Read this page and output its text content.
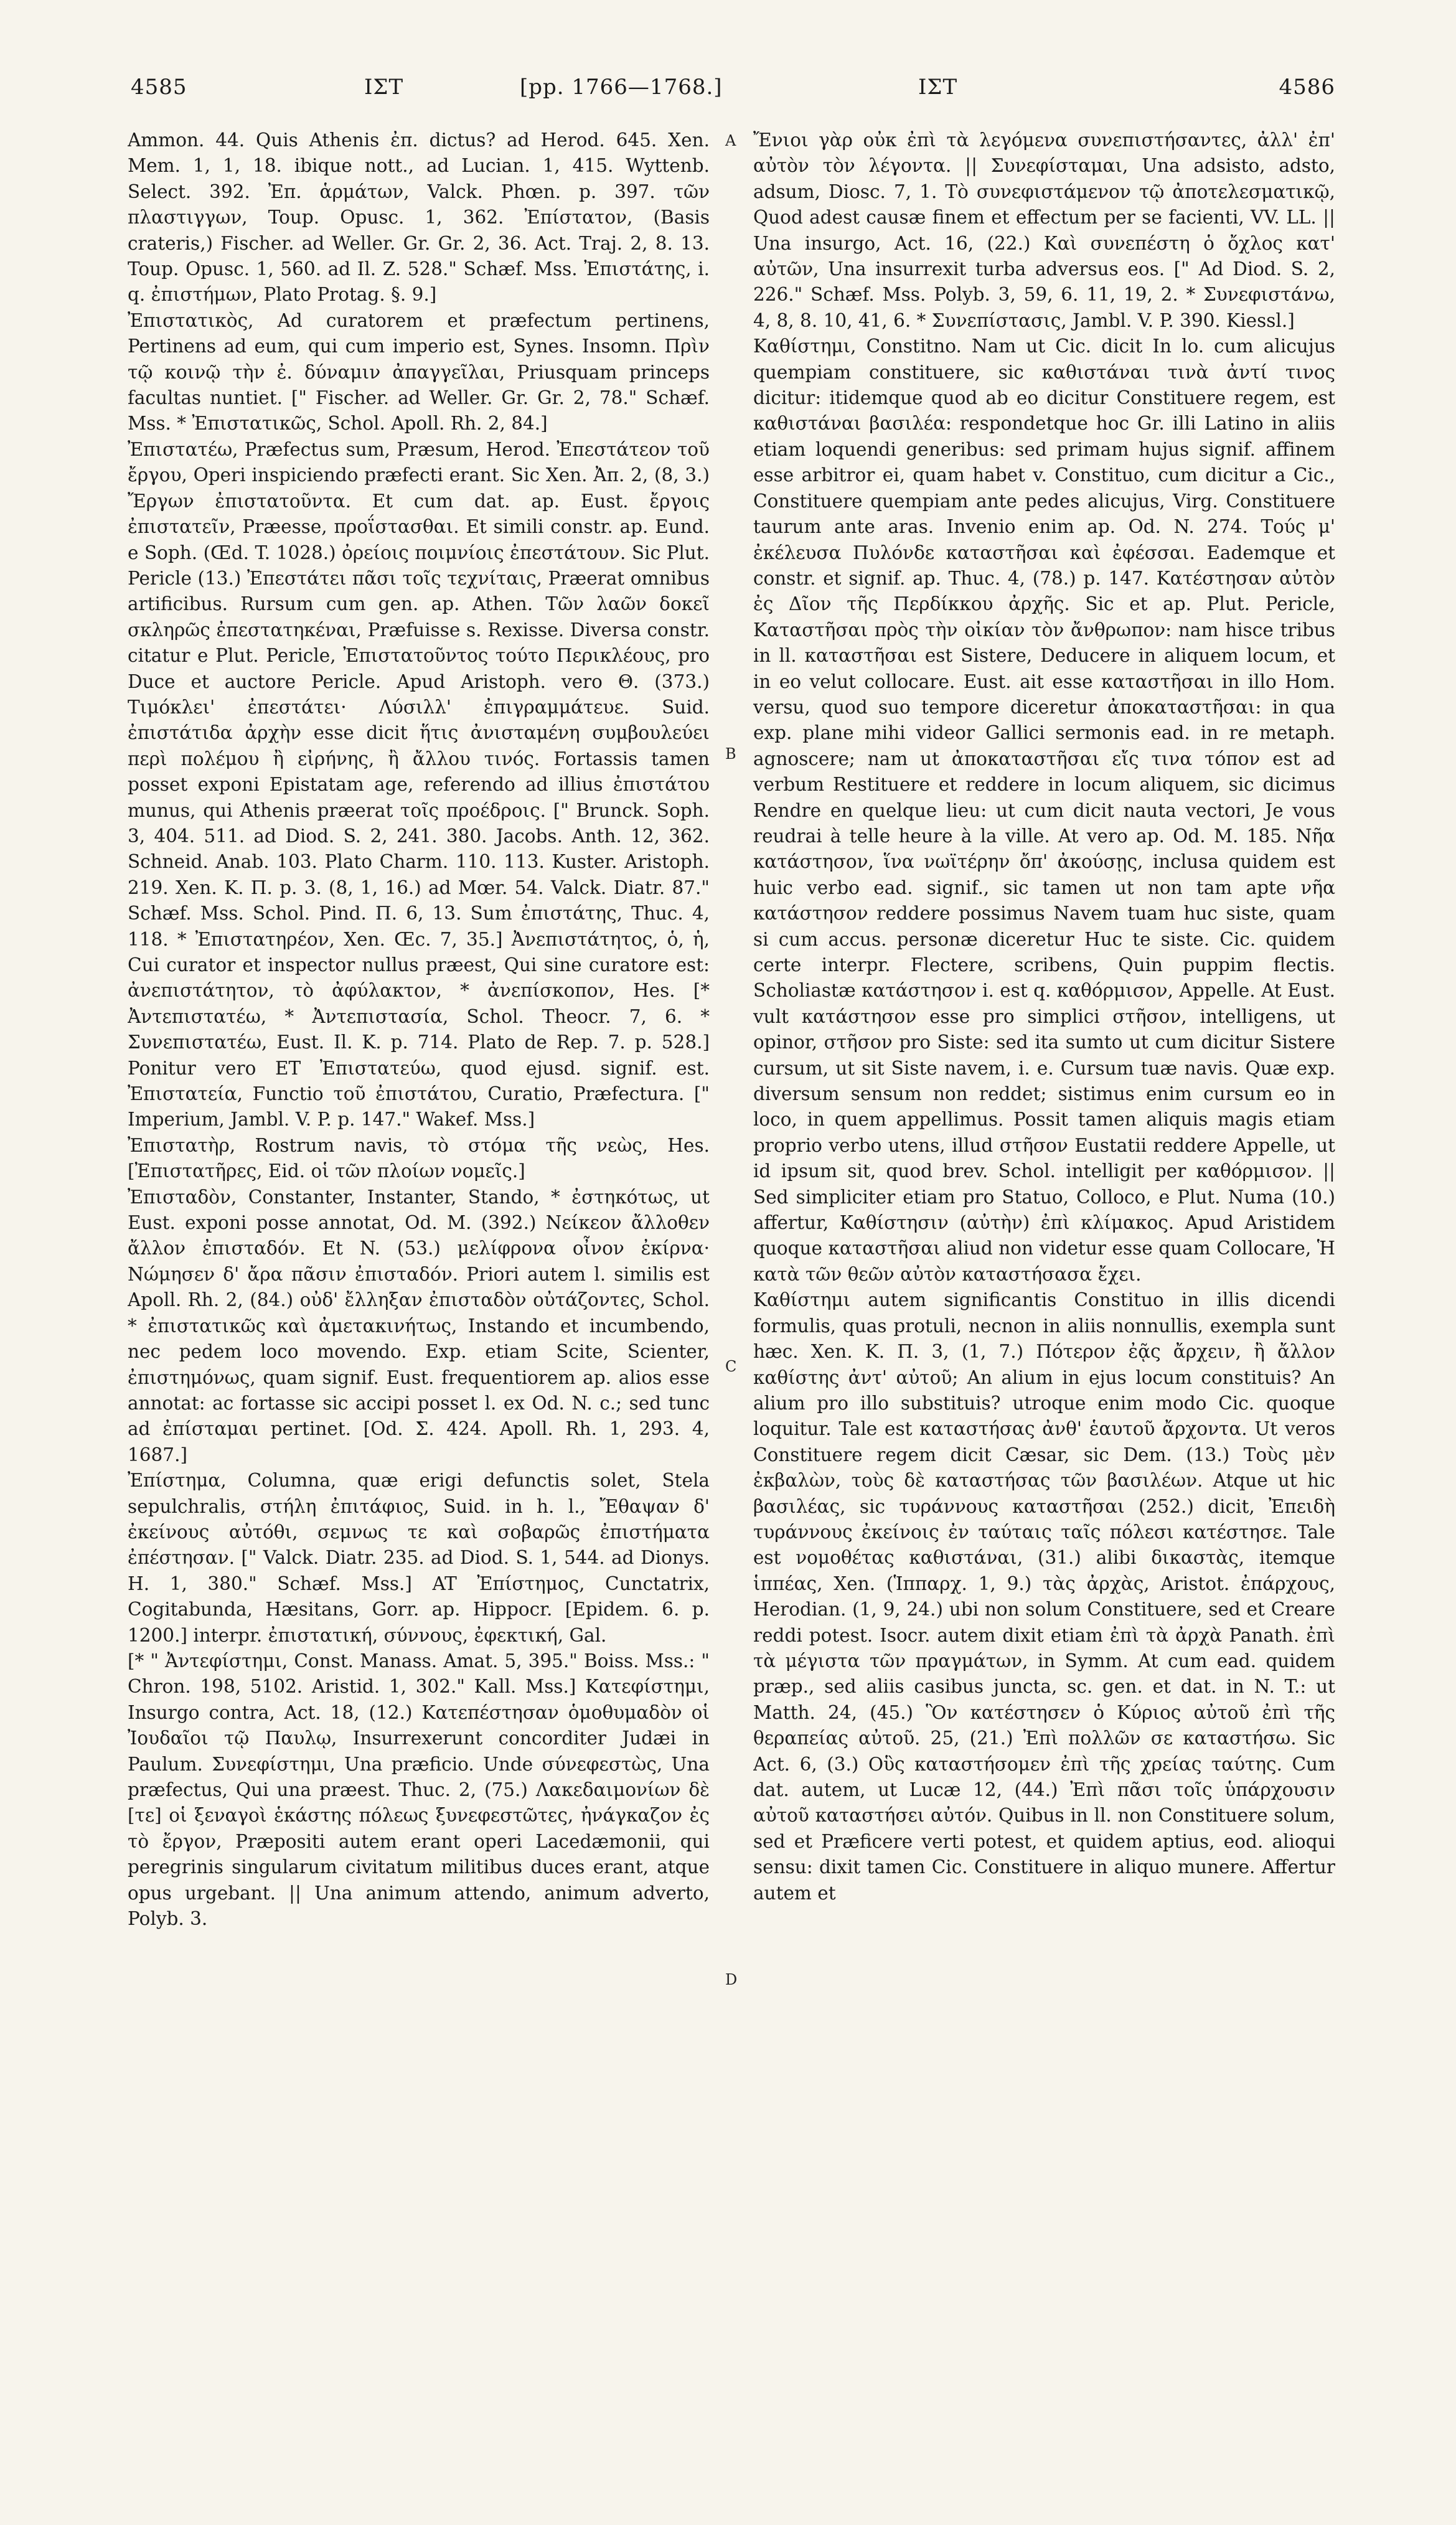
4585	ΙΣΤ	[pp. 1766—1768.]	ΙΣΤ	4586
A
B
C
D

Ammon. 44. Quis Athenis ἐπ. dictus? ad Herod. 645. Xen. Mem. 1, 1, 18. ibique nott., ad Lucian. 1, 415. Wyttenb. Select. 392. Ἐπ. ἁρμάτων, Valck. Phœn. p. 397. τῶν πλαστιγγων, Toup. Opusc. 1, 362. Ἐπίστατον, (Basis crateris,) Fischer. ad Weller. Gr. Gr. 2, 36. Act. Traj. 2, 8. 13. Toup. Opusc. 1, 560. ad Il. Z. 528." Schæf. Mss. Ἐπιστάτης, i. q. ἐπιστήμων, Plato Protag. §. 9.]

Ἐπιστατικὸς, Ad curatorem et præfectum pertinens, Pertinens ad eum, qui cum imperio est, Synes. Insomn. Πρὶν τῷ κοινῷ τὴν ἐ. δύναμιν ἀπαγγεῖλαι, Priusquam princeps facultas nuntiet. [" Fischer. ad Weller. Gr. Gr. 2, 78." Schæf. Mss. * Ἐπιστατικῶς, Schol. Apoll. Rh. 2, 84.]

Ἐπιστατέω, Præfectus sum, Præsum, Herod. Ἐπεστάτεον τοῦ ἔργου, Operi inspiciendo præfecti erant. Sic Xen. Ἀπ. 2, (8, 3.) Ἔργων ἐπιστατοῦντα. Et cum dat. ap. Eust. ἔργοις ἐπιστατεῖν, Præesse, προΐστασθαι. Et simili constr. ap. Eund. e Soph. (Œd. T. 1028.) ὀρείοις ποιμνίοις ἐπεστάτουν. Sic Plut. Pericle (13.) Ἐπεστάτει πᾶσι τοῖς τεχνίταις, Præerat omnibus artificibus. Rursum cum gen. ap. Athen. Τῶν λαῶν δοκεῖ σκληρῶς ἐπεστατηκέναι, Præfuisse s. Rexisse. Diversa constr. citatur e Plut. Pericle, Ἐπιστατοῦντος τούτο Περικλέους, pro Duce et auctore Pericle. Apud Aristoph. vero Θ. (373.) Τιμόκλει' ἐπεστάτει· Λύσιλλ' ἐπιγραμμάτευε. Suid. ἐπιστάτιδα ἀρχὴν esse dicit ἥτις ἀνισταμένη συμβουλεύει περὶ πολέμου ἢ εἰρήνης, ἢ ἄλλου τινός. Fortassis tamen posset exponi Epistatam age, referendo ad illius ἐπιστάτου munus, qui Athenis præerat τοῖς προέδροις. [" Brunck. Soph. 3, 404. 511. ad Diod. S. 2, 241. 380. Jacobs. Anth. 12, 362. Schneid. Anab. 103. Plato Charm. 110. 113. Kuster. Aristoph. 219. Xen. K. Π. p. 3. (8, 1, 16.) ad Mœr. 54. Valck. Diatr. 87." Schæf. Mss. Schol. Pind. Π. 6, 13. Sum ἐπιστάτης, Thuc. 4, 118. * Ἐπιστατηρέον, Xen. Œc. 7, 35.] Ἀνεπιστάτητος, ὁ, ἡ, Cui curator et inspector nullus præest, Qui sine curatore est: ἀνεπιστάτητον, τὸ ἀφύλακτον, * ἀνεπίσκοπον, Hes. [* Ἀντεπιστατέω, * Ἀντεπιστασία, Schol. Theocr. 7, 6. * Συνεπιστατέω, Eust. Il. K. p. 714. Plato de Rep. 7. p. 528.] Ponitur vero ET Ἐπιστατεύω, quod ejusd. signif. est. Ἐπιστατεία, Functio τοῦ ἐπιστάτου, Curatio, Præfectura. [" Imperium, Jambl. V. P. p. 147." Wakef. Mss.]

Ἐπιστατὴρ, Rostrum navis, τὸ στόμα τῆς νεὼς, Hes. [Ἐπιστατῆρες, Eid. οἱ τῶν πλοίων νομεῖς.]

Ἐπισταδὸν, Constanter, Instanter, Stando, * ἐστηκότως, ut Eust. exponi posse annotat, Od. M. (392.) Νείκεον ἄλλοθεν ἄλλον ἐπισταδόν. Et N. (53.) μελίφρονα οἶνον ἐκίρνα· Νώμησεν δ' ἄρα πᾶσιν ἐπισταδόν. Priori autem l. similis est Apoll. Rh. 2, (84.) οὐδ' ἔλληξαν ἐπισταδὸν οὐτάζοντες, Schol. * ἐπιστατικῶς καὶ ἀμετακινήτως, Instando et incumbendo, nec pedem loco movendo. Exp. etiam Scite, Scienter, ἐπιστημόνως, quam signif. Eust. frequentiorem ap. alios esse annotat: ac fortasse sic accipi posset l. ex Od. N. c.; sed tunc ad ἐπίσταμαι pertinet. [Od. Σ. 424. Apoll. Rh. 1, 293. 4, 1687.]

Ἐπίστημα, Columna, quæ erigi defunctis solet, Stela sepulchralis, στήλη ἐπιτάφιος, Suid. in h. l., Ἔθαψαν δ' ἐκείνους αὐτόθι, σεμνως τε καὶ σοβαρῶς ἐπιστήματα ἐπέστησαν. [" Valck. Diatr. 235. ad Diod. S. 1, 544. ad Dionys. H. 1, 380." Schæf. Mss.] AT Ἐπίστημος, Cunctatrix, Cogitabunda, Hæsitans, Gorr. ap. Hippocr. [Epidem. 6. p. 1200.] interpr. ἐπιστατική, σύννους, ἐφεκτική, Gal.

[* " Ἀντεφίστημι, Const. Manass. Amat. 5, 395." Boiss. Mss.: " Chron. 198, 5102. Aristid. 1, 302." Kall. Mss.] Κατεφίστημι, Insurgo contra, Act. 18, (12.) Κατεπέστησαν ὁμοθυμαδὸν οἱ Ἰουδαῖοι τῷ Παυλῳ, Insurrexerunt concorditer Judæi in Paulum. Συνεφίστημι, Una præficio. Unde σύνεφεστὼς, Una præfectus, Qui una præest. Thuc. 2, (75.) Λακεδαιμονίων δὲ [τε] οἱ ξεναγοὶ ἑκάστης πόλεως ξυνεφεστῶτες, ἠνάγκαζον ἐς τὸ ἔργον, Præpositi autem erant operi Lacedæmonii, qui peregrinis singularum civitatum militibus duces erant, atque opus urgebant. || Una animum attendo, animum adverto, Polyb. 3.

Ἔνιοι γὰρ οὐκ ἐπὶ τὰ λεγόμενα συνεπιστήσαντες, ἀλλ' ἐπ' αὐτὸν τὸν λέγοντα. || Συνεφίσταμαι, Una adsisto, adsto, adsum, Diosc. 7, 1. Τὸ συνεφιστάμενον τῷ ἀποτελεσματικῷ, Quod adest causæ finem et effectum per se facienti, VV. LL. || Una insurgo, Act. 16, (22.) Καὶ συνεπέστη ὁ ὄχλος κατ' αὐτῶν, Una insurrexit turba adversus eos. [" Ad Diod. S. 2, 226." Schæf. Mss. Polyb. 3, 59, 6. 11, 19, 2. * Συνεφιστάνω, 4, 8, 8. 10, 41, 6. * Συνεπίστασις, Jambl. V. P. 390. Kiessl.]

Καθίστημι, Constitno. Nam ut Cic. dicit In lo. cum alicujus quempiam constituere, sic καθιστάναι τινὰ ἀντί τινος dicitur: itidemque quod ab eo dicitur Constituere regem, est καθιστάναι βασιλέα: respondetque hoc Gr. illi Latino in aliis etiam loquendi generibus: sed primam hujus signif. affinem esse arbitror ei, quam habet v. Constituo, cum dicitur a Cic., Constituere quempiam ante pedes alicujus, Virg. Constituere taurum ante aras. Invenio enim ap. Od. N. 274. Τούς μ' ἐκέλευσα Πυλόνδε καταστῆσαι καὶ ἐφέσσαι. Eademque et constr. et signif. ap. Thuc. 4, (78.) p. 147. Κατέστησαν αὐτὸν ἐς Δῖον τῆς Περδίκκου ἀρχῆς. Sic et ap. Plut. Pericle, Καταστῆσαι πρὸς τὴν οἰκίαν τὸν ἄνθρωπον: nam hisce tribus in ll. καταστῆσαι est Sistere, Deducere in aliquem locum, et in eo velut collocare. Eust. ait esse καταστῆσαι in illo Hom. versu, quod suo tempore diceretur ἀποκαταστῆσαι: in qua exp. plane mihi videor Gallici sermonis ead. in re metaph. agnoscere; nam ut ἀποκαταστῆσαι εἴς τινα τόπον est ad verbum Restituere et reddere in locum aliquem, sic dicimus Rendre en quelque lieu: ut cum dicit nauta vectori, Je vous reudrai à telle heure à la ville. At vero ap. Od. M. 185. Νῆα κατάστησον, ἵνα νωϊτέρην ὄπ' ἀκούσῃς, inclusa quidem est huic verbo ead. signif., sic tamen ut non tam apte νῆα κατάστησον reddere possimus Navem tuam huc siste, quam si cum accus. personæ diceretur Huc te siste. Cic. quidem certe interpr. Flectere, scribens, Quin puppim flectis. Scholiastæ κατάστησον i. est q. καθόρμισον, Appelle. At Eust. vult κατάστησον esse pro simplici στῆσον, intelligens, ut opinor, στῆσον pro Siste: sed ita sumto ut cum dicitur Sistere cursum, ut sit Siste navem, i. e. Cursum tuæ navis. Quæ exp. diversum sensum non reddet; sistimus enim cursum eo in loco, in quem appellimus. Possit tamen aliquis magis etiam proprio verbo utens, illud στῆσον Eustatii reddere Appelle, ut id ipsum sit, quod brev. Schol. intelligit per καθόρμισον. || Sed simpliciter etiam pro Statuo, Colloco, e Plut. Numa (10.) affertur, Καθίστησιν (αὐτὴν) ἐπὶ κλίμακος. Apud Aristidem quoque καταστῆσαι aliud non videtur esse quam Collocare, Ἡ κατὰ τῶν θεῶν αὐτὸν καταστήσασα ἔχει.

Καθίστημι autem significantis Constituo in illis dicendi formulis, quas protuli, necnon in aliis nonnullis, exempla sunt hæc. Xen. K. Π. 3, (1, 7.) Πότερον ἐᾷς ἄρχειν, ἢ ἄλλον καθίστης ἀντ' αὐτοῦ; An alium in ejus locum constituis? An alium pro illo substituis? utroque enim modo Cic. quoque loquitur. Tale est καταστήσας ἀνθ' ἑαυτοῦ ἄρχοντα. Ut veros Constituere regem dicit Cæsar, sic Dem. (13.) Τοὺς μὲν ἐκβαλὼν, τοὺς δὲ καταστήσας τῶν βασιλέων. Atque ut hic βασιλέας, sic τυράννους καταστῆσαι (252.) dicit, Ἐπειδὴ τυράννους ἐκείνοις ἐν ταύταις ταῖς πόλεσι κατέστησε. Tale est νομοθέτας καθιστάναι, (31.) alibi δικαστὰς, itemque ἱππέας, Xen. (Ἱππαρχ. 1, 9.) τὰς ἀρχὰς, Aristot. ἐπάρχους, Herodian. (1, 9, 24.) ubi non solum Constituere, sed et Creare reddi potest. Isocr. autem dixit etiam ἐπὶ τὰ ἀρχὰ Panath. ἐπὶ τὰ μέγιστα τῶν πραγμάτων, in Symm. At cum ead. quidem præp., sed aliis casibus juncta, sc. gen. et dat. in N. T.: ut Matth. 24, (45.) Ὃν κατέστησεν ὁ Κύριος αὐτοῦ ἐπὶ τῆς θεραπείας αὐτοῦ. 25, (21.) Ἐπὶ πολλῶν σε καταστήσω. Sic Act. 6, (3.) Οὓς καταστήσομεν ἐπὶ τῆς χρείας ταύτης. Cum dat. autem, ut Lucæ 12, (44.) Ἐπὶ πᾶσι τοῖς ὑπάρχουσιν αὐτοῦ καταστήσει αὐτόν. Quibus in ll. non Constituere solum, sed et Præficere verti potest, et quidem aptius, eod. alioqui sensu: dixit tamen Cic. Constituere in aliquo munere. Affertur autem et
